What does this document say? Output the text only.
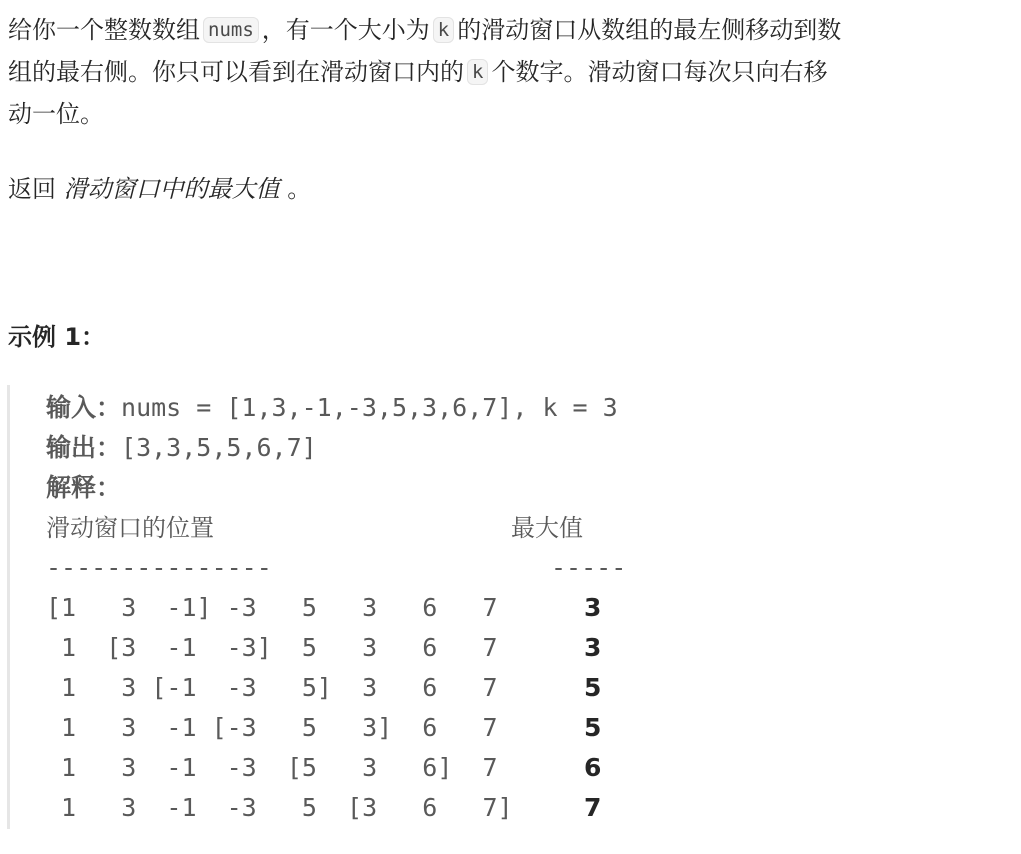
给你一个整数数组 nums ，有一个大小为 k 的滑动窗口从数组的最左侧移动到数
组的最右侧。你只可以看到在滑动窗口内的 k 个数字。滑动窗口每次只向右移
动一位。
返回 滑动窗口中的最大值 。
示例 1：
输入：nums = [1,3,-1,-3,5,3,6,7], k = 3
输出：[3,3,5,5,6,7]
解释：
滑动窗口的位置	最大值
---------------	-----
[1   3  -1] -3   5   3   6   7	3
1  [3  -1  -3]  5   3   6   7	3
1   3 [-1  -3   5]  3   6   7	5
1   3  -1 [-3   5   3]  6   7	5
1   3  -1  -3  [5   3   6]  7	6
1   3  -1  -3   5  [3   6   7]	7
